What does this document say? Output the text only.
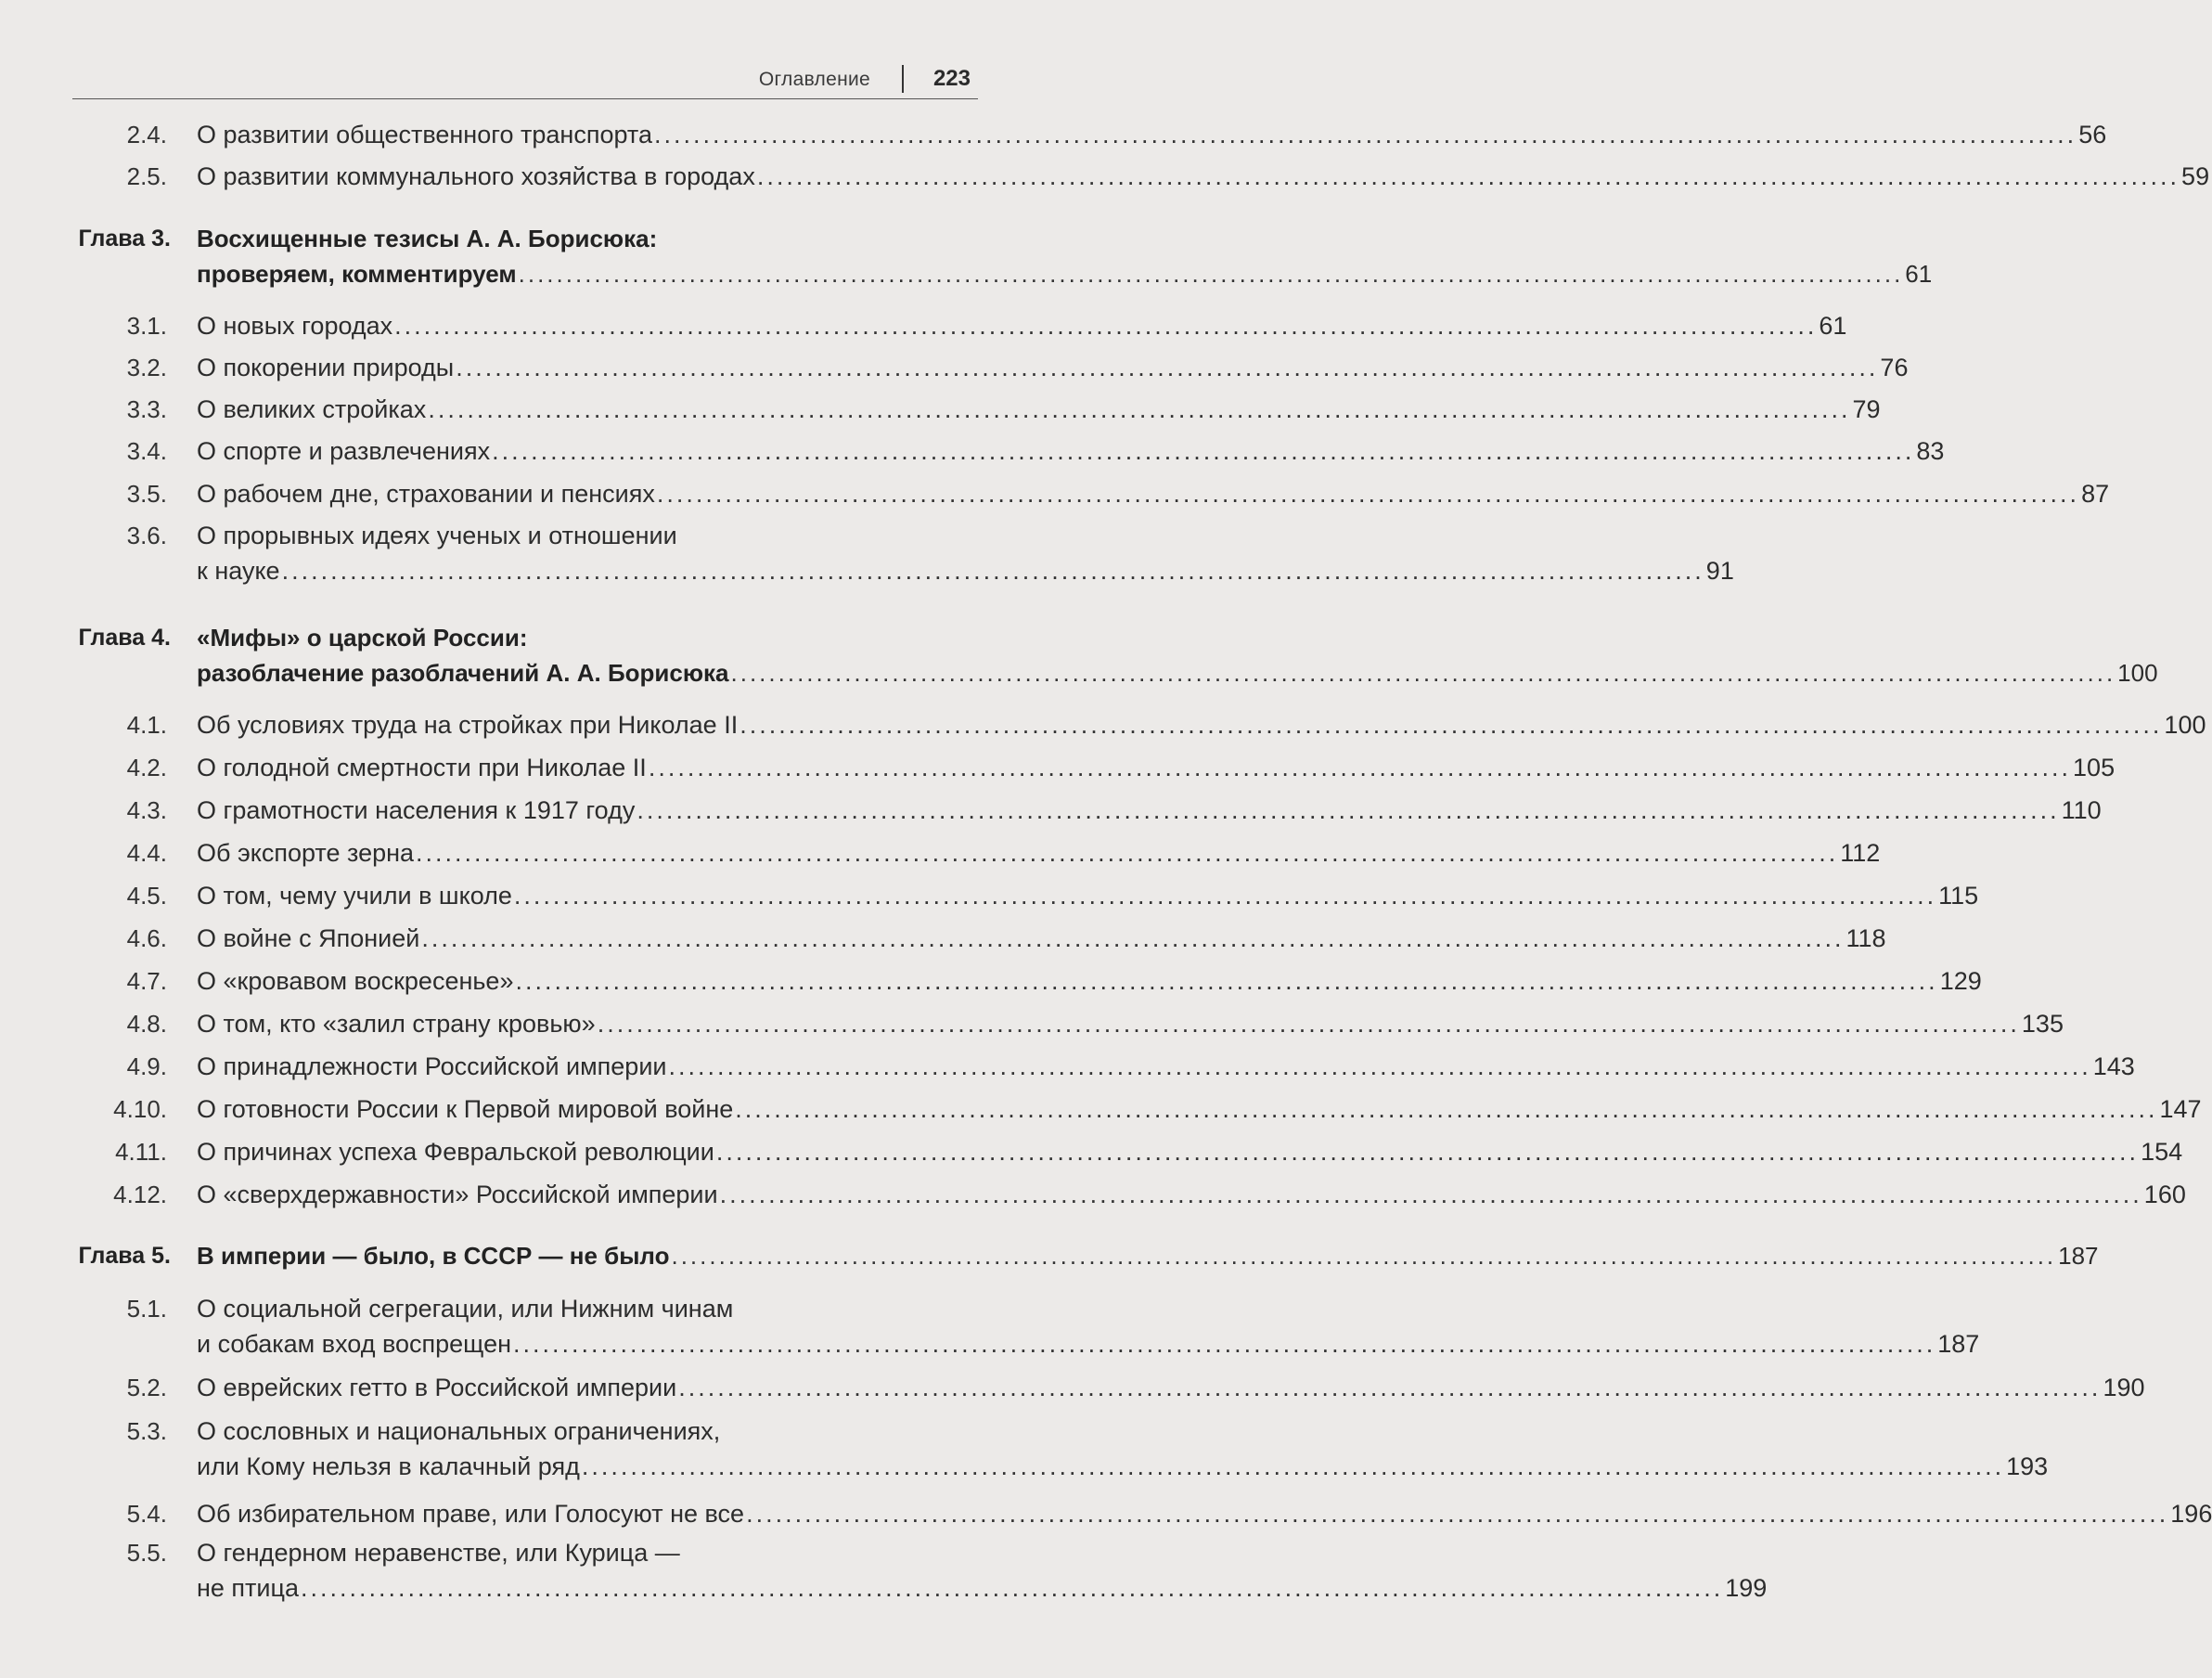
Оглавление	223
2.4. О развитии общественного транспорта .................................................................................................................................................. 56
2.5. О развитии коммунального хозяйства в городах .................................................................................................................................................. 59
Глава 3. Восхищенные тезисы А. А. Борисюка:
проверяем, комментируем .................................................................................................................................................. 61
3.1. О новых городах .................................................................................................................................................. 61
3.2. О покорении природы .................................................................................................................................................. 76
3.3. О великих стройках .................................................................................................................................................. 79
3.4. О спорте и развлечениях .................................................................................................................................................. 83
3.5. О рабочем дне, страховании и пенсиях .................................................................................................................................................. 87
3.6. О прорывных идеях ученых и отношении
к науке .................................................................................................................................................. 91
Глава 4. «Мифы» о царской России:
разоблачение разоблачений А. А. Борисюка .................................................................................................................................................. 100
4.1. Об условиях труда на стройках при Николае II .................................................................................................................................................. 100
4.2. О голодной смертности при Николае II .................................................................................................................................................. 105
4.3. О грамотности населения к 1917 году .................................................................................................................................................. 110
4.4. Об экспорте зерна .................................................................................................................................................. 112
4.5. О том, чему учили в школе .................................................................................................................................................. 115
4.6. О войне с Японией .................................................................................................................................................. 118
4.7. О «кровавом воскресенье» .................................................................................................................................................. 129
4.8. О том, кто «залил страну кровью» .................................................................................................................................................. 135
4.9. О принадлежности Российской империи .................................................................................................................................................. 143
4.10. О готовности России к Первой мировой войне .................................................................................................................................................. 147
4.11. О причинах успеха Февральской революции .................................................................................................................................................. 154
4.12. О «сверхдержавности» Российской империи .................................................................................................................................................. 160
Глава 5. В империи — было, в СССР — не было .................................................................................................................................................. 187
5.1. О социальной сегрегации, или Нижним чинам
и собакам вход воспрещен .................................................................................................................................................. 187
5.2. О еврейских гетто в Российской империи .................................................................................................................................................. 190
5.3. О сословных и национальных ограничениях,
или Кому нельзя в калачный ряд .................................................................................................................................................. 193
5.4. Об избирательном праве, или Голосуют не все .................................................................................................................................................. 196
5.5. О гендерном неравенстве, или Курица —
не птица .................................................................................................................................................. 199
